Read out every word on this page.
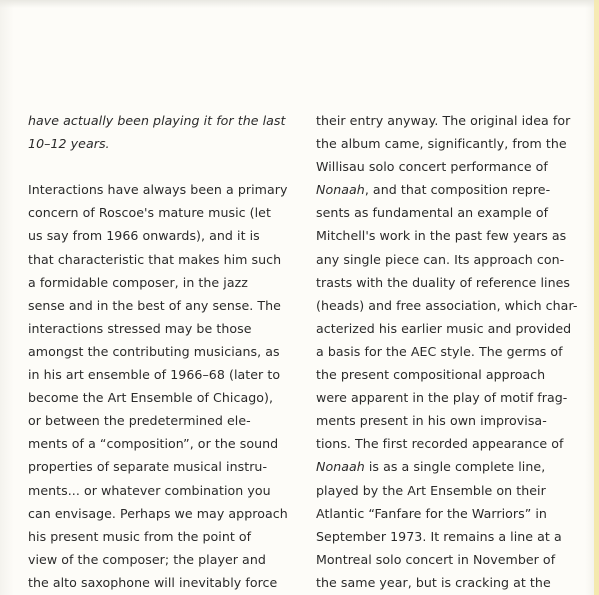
have actually been playing it for the last
10–12 years.
Interactions have always been a primary
concern of Roscoe's mature music (let
us say from 1966 onwards), and it is
that characteristic that makes him such
a formidable composer, in the jazz
sense and in the best of any sense. The
interactions stressed may be those
amongst the contributing musicians, as
in his art ensemble of 1966–68 (later to
become the Art Ensemble of Chicago),
or between the predetermined ele-
ments of a “composition”, or the sound
properties of separate musical instru-
ments... or whatever combination you
can envisage. Perhaps we may approach
his present music from the point of
view of the composer; the player and
the alto saxophone will inevitably force
their entry anyway. The original idea for
the album came, significantly, from the
Willisau solo concert performance of
Nonaah, and that composition repre-
sents as fundamental an example of
Mitchell's work in the past few years as
any single piece can. Its approach con-
trasts with the duality of reference lines
(heads) and free association, which char-
acterized his earlier music and provided
a basis for the AEC style. The germs of
the present compositional approach
were apparent in the play of motif frag-
ments present in his own improvisa-
tions. The first recorded appearance of
Nonaah is as a single complete line,
played by the Art Ensemble on their
Atlantic “Fanfare for the Warriors” in
September 1973. It remains a line at a
Montreal solo concert in November of
the same year, but is cracking at the
